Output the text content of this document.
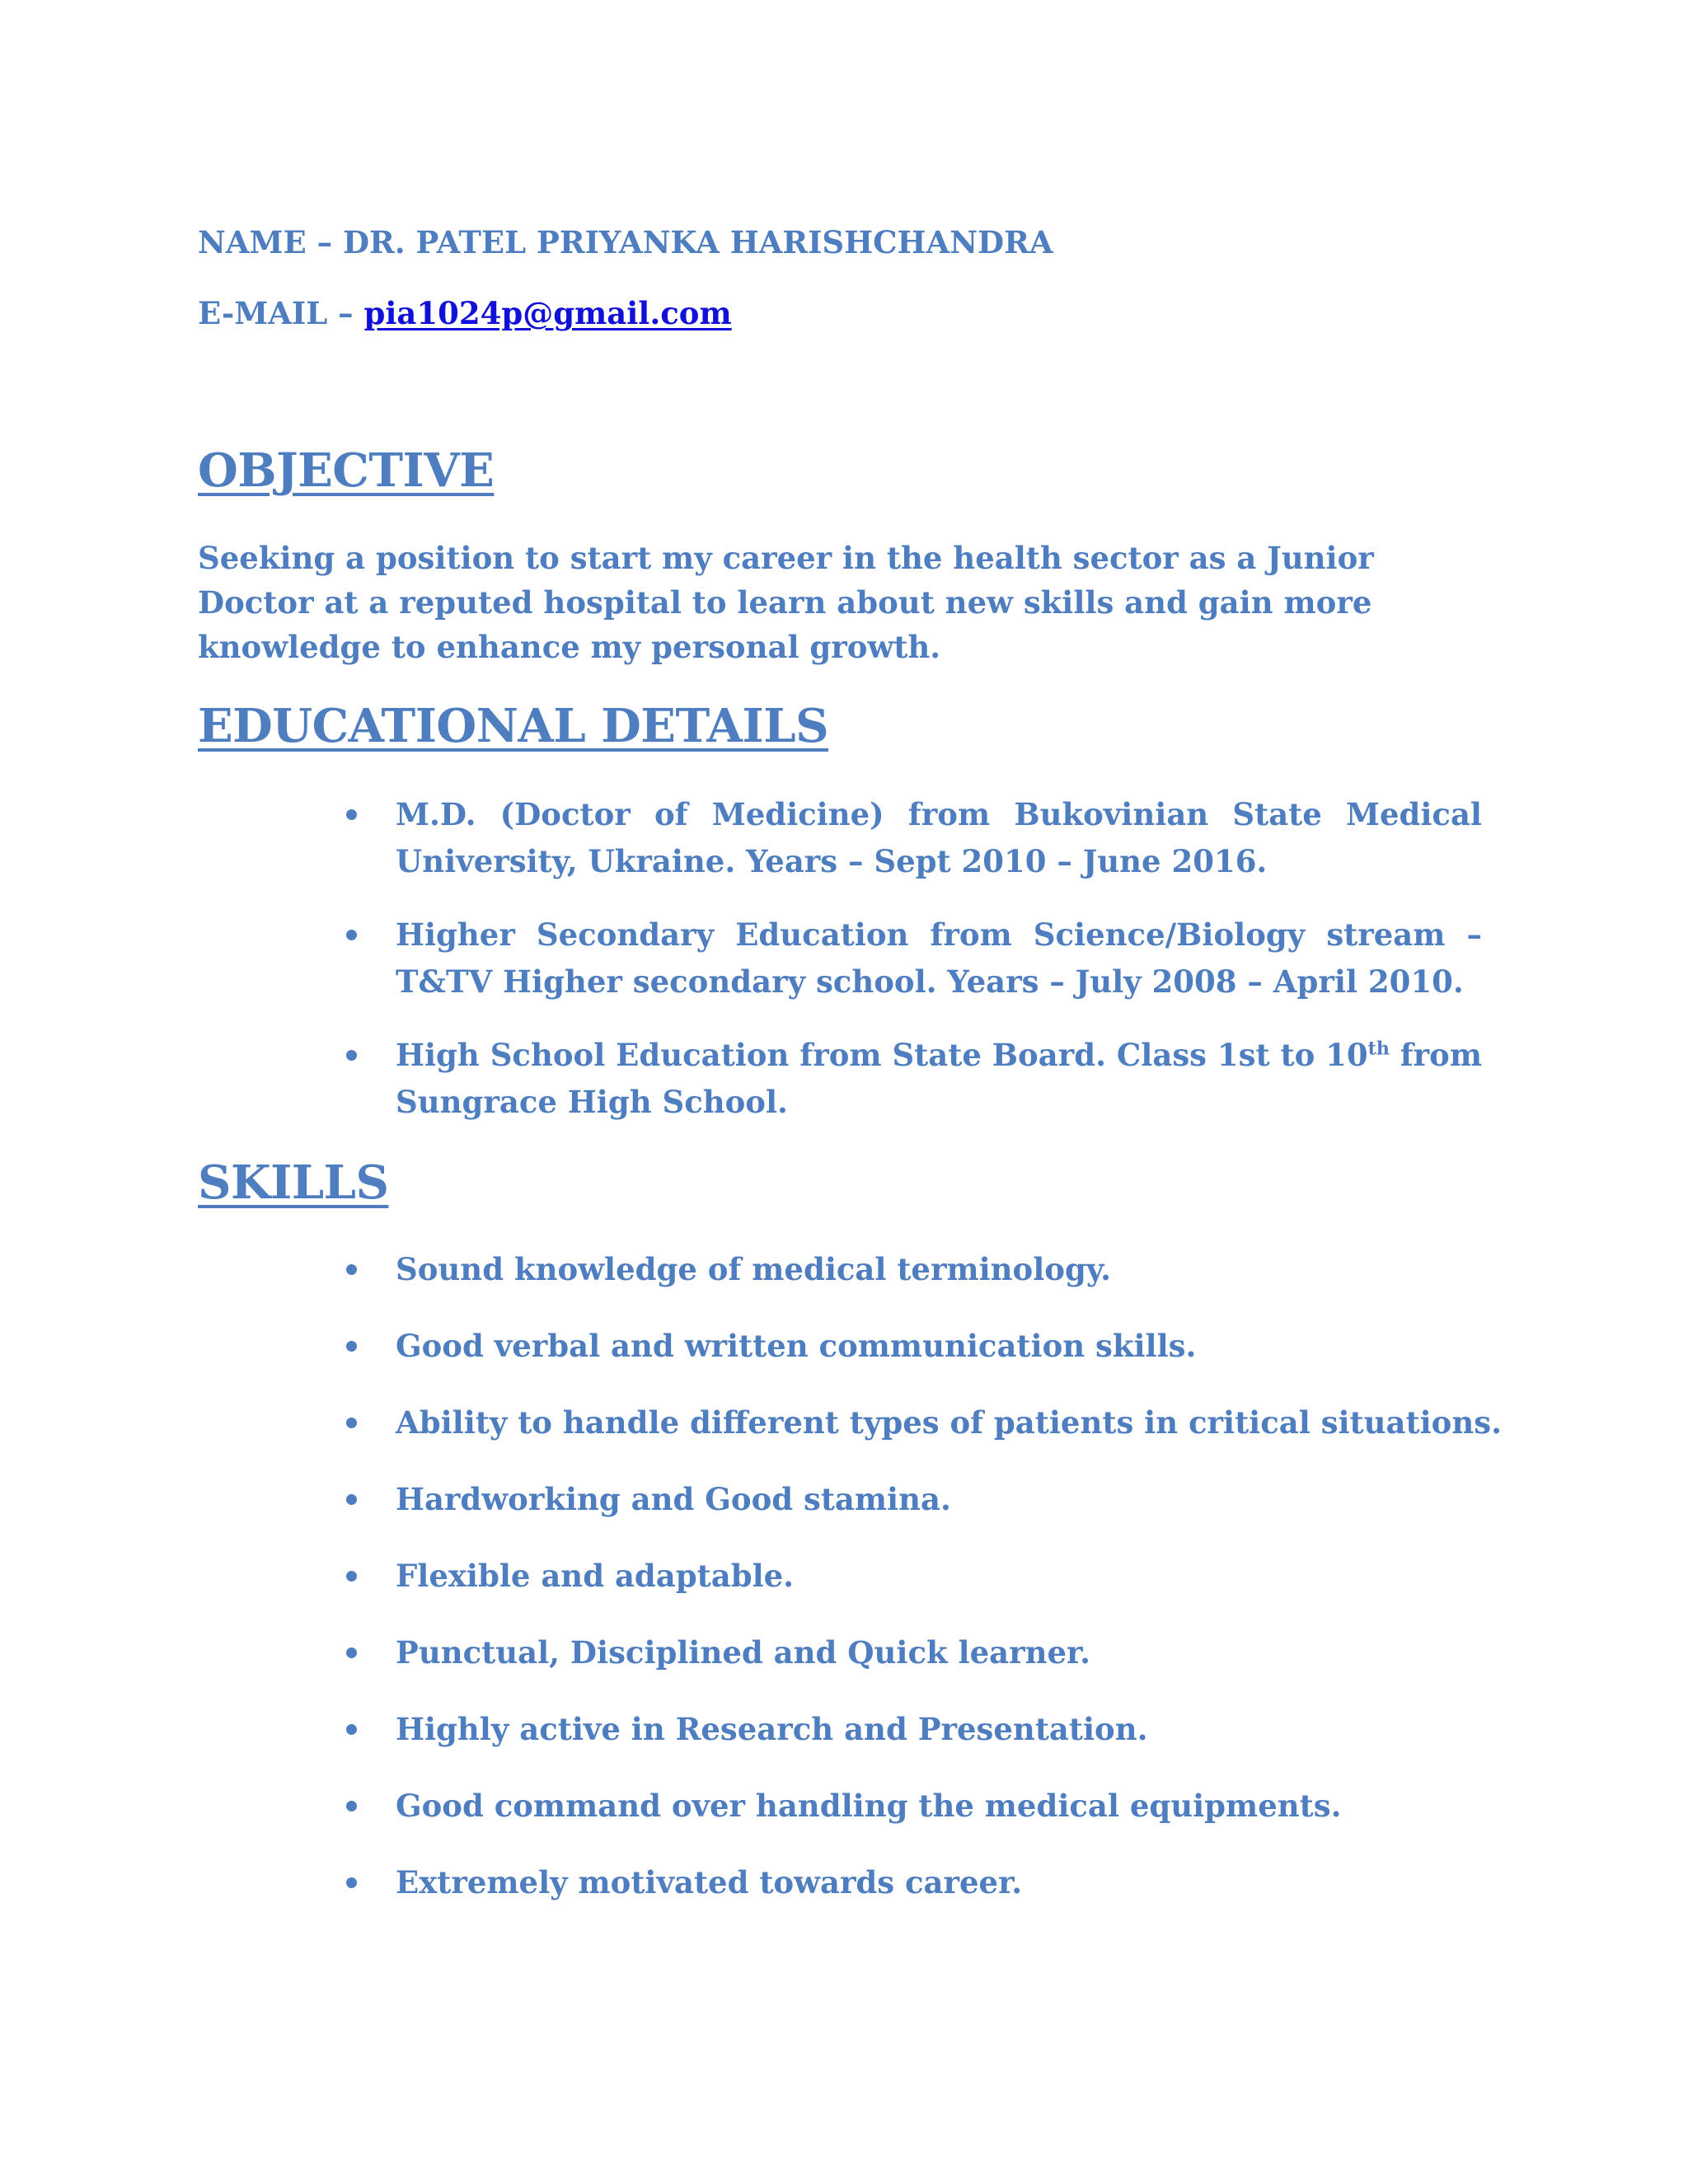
NAME – DR. PATEL PRIYANKA HARISHCHANDRA
E-MAIL – pia1024p@gmail.com
OBJECTIVE
Seeking a position to start my career in the health sector as a Junior Doctor at a reputed hospital to learn about new skills and gain more knowledge to enhance my personal growth.
EDUCATIONAL DETAILS
M.D. (Doctor of Medicine) from Bukovinian State Medical University, Ukraine. Years – Sept 2010 – June 2016.
Higher Secondary Education from Science/Biology stream – T&TV Higher secondary school. Years – July 2008 – April 2010.
High School Education from State Board. Class 1st to 10th from Sungrace High School.
SKILLS
Sound knowledge of medical terminology.
Good verbal and written communication skills.
Ability to handle different types of patients in critical situations.
Hardworking and Good stamina.
Flexible and adaptable.
Punctual, Disciplined and Quick learner.
Highly active in Research and Presentation.
Good command over handling the medical equipments.
Extremely motivated towards career.
